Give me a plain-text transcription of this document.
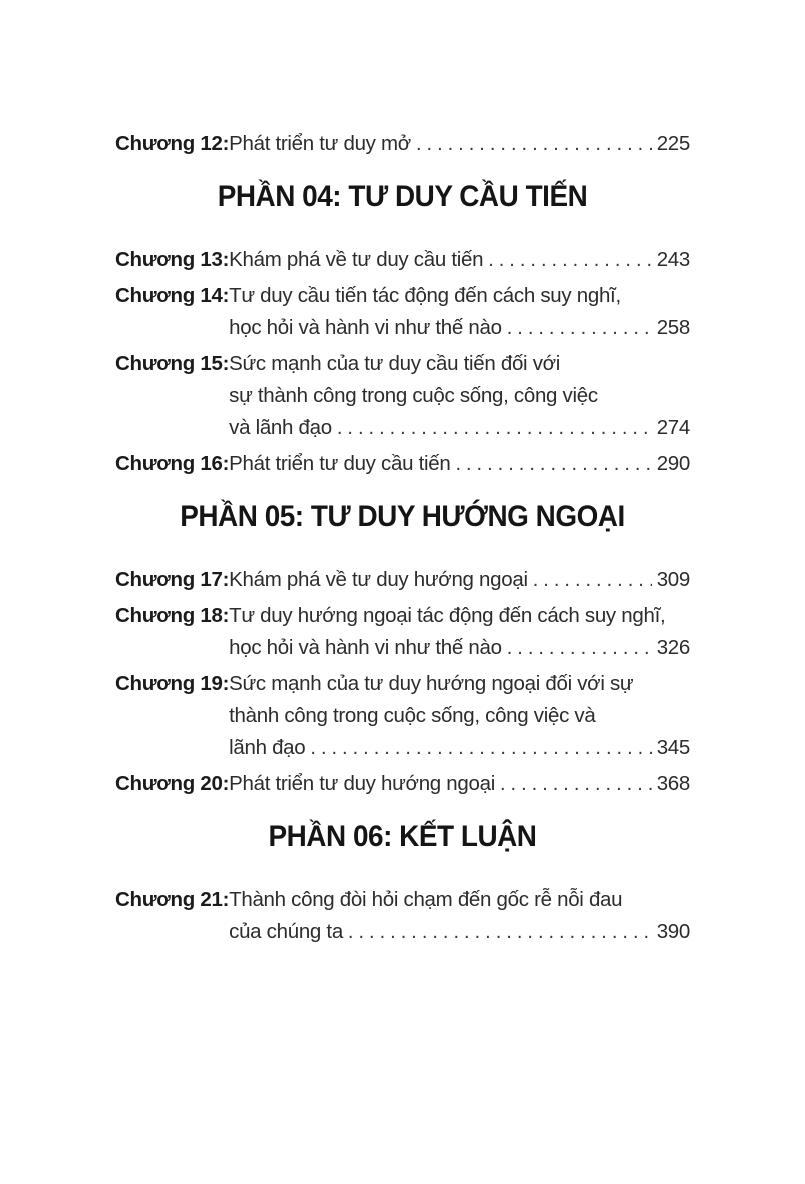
Chương 12: Phát triển tư duy mở .....	225
PHẦN 04: TƯ DUY CẦU TIẾN
Chương 13: Khám phá về tư duy cầu tiến .....	243
Chương 14: Tư duy cầu tiến tác động đến cách suy nghĩ,
học hỏi và hành vi như thế nào .....	258
Chương 15: Sức mạnh của tư duy cầu tiến đối với
sự thành công trong cuộc sống, công việc
và lãnh đạo .....	274
Chương 16: Phát triển tư duy cầu tiến .....	290
PHẦN 05: TƯ DUY HƯỚNG NGOẠI
Chương 17: Khám phá về tư duy hướng ngoại .....	309
Chương 18: Tư duy hướng ngoại tác động đến cách suy nghĩ,
học hỏi và hành vi như thế nào .....	326
Chương 19: Sức mạnh của tư duy hướng ngoại đối với sự
thành công trong cuộc sống, công việc và
lãnh đạo .....	345
Chương 20: Phát triển tư duy hướng ngoại .....	368
PHẦN 06: KẾT LUẬN
Chương 21: Thành công đòi hỏi chạm đến gốc rễ nỗi đau
của chúng ta .....	390
